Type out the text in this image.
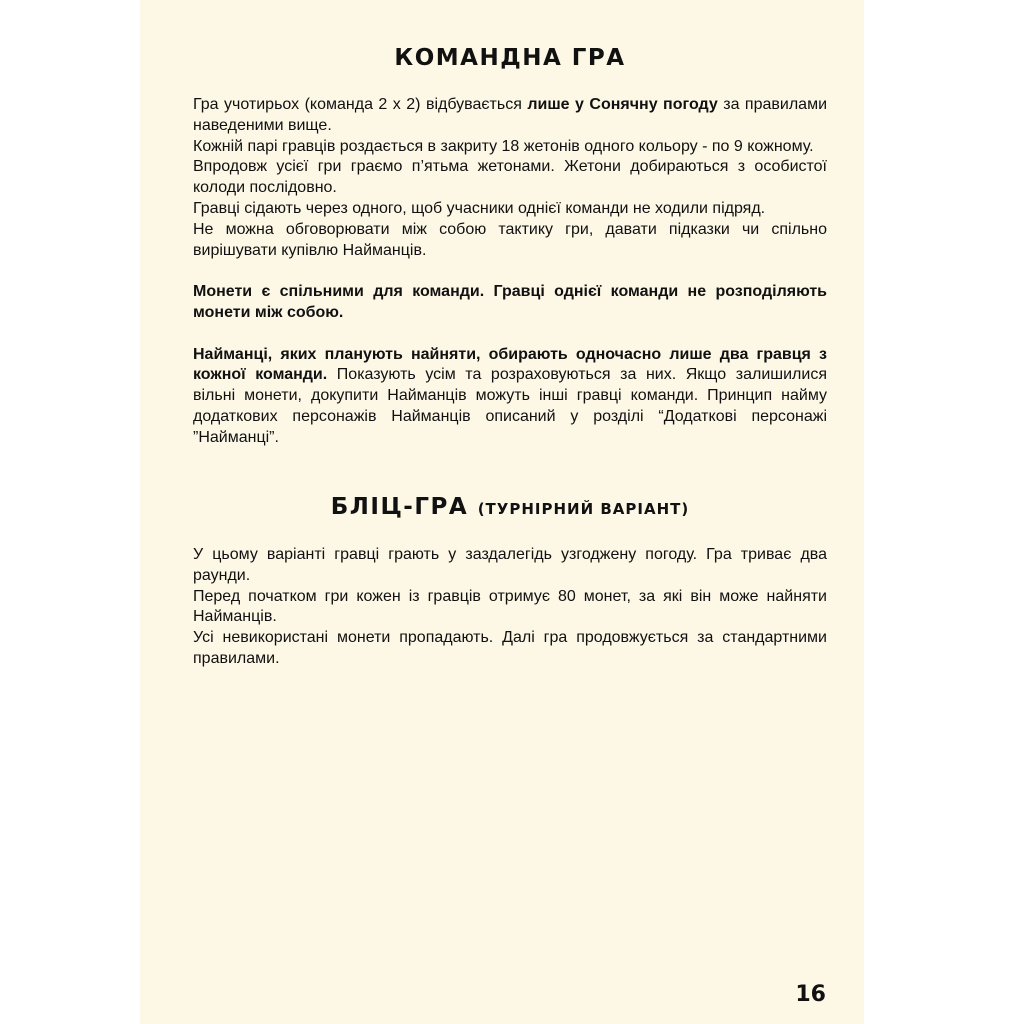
КОМАНДНА ГРА

Гра учотирьох (команда 2 х 2) відбувається лише у Сонячну погоду за правилами наведеними вище.

Кожній парі гравців роздається в закриту 18 жетонів одного кольору - по 9 кожному.

Впродовж усієї гри граємо п’ятьма жетонами. Жетони добираються з особистої колоди послідовно.

Гравці сідають через одного, щоб учасники однієї команди не ходили підряд.

Не можна обговорювати між собою тактику гри, давати підказки чи спільно вирішувати купівлю Найманців.

Монети є спільними для команди. Гравці однієї команди не розподіляють монети між собою.

Найманці, яких планують найняти, обирають одночасно лише два гравця з кожної команди. Показують усім та розраховуються за них. Якщо залишилися вільні монети, докупити Найманців можуть інші гравці команди. Принцип найму додаткових персонажів Найманців описаний у розділі “Додаткові персонажі ”Найманці”.

БЛІЦ-ГРА (ТУРНІРНИЙ ВАРІАНТ)

У цьому варіанті гравці грають у заздалегідь узгоджену погоду. Гра триває два раунди.

Перед початком гри кожен із гравців отримує 80 монет, за які він може найняти Найманців.

Усі невикористані монети пропадають. Далі гра продовжується за стандартними правилами.

16
